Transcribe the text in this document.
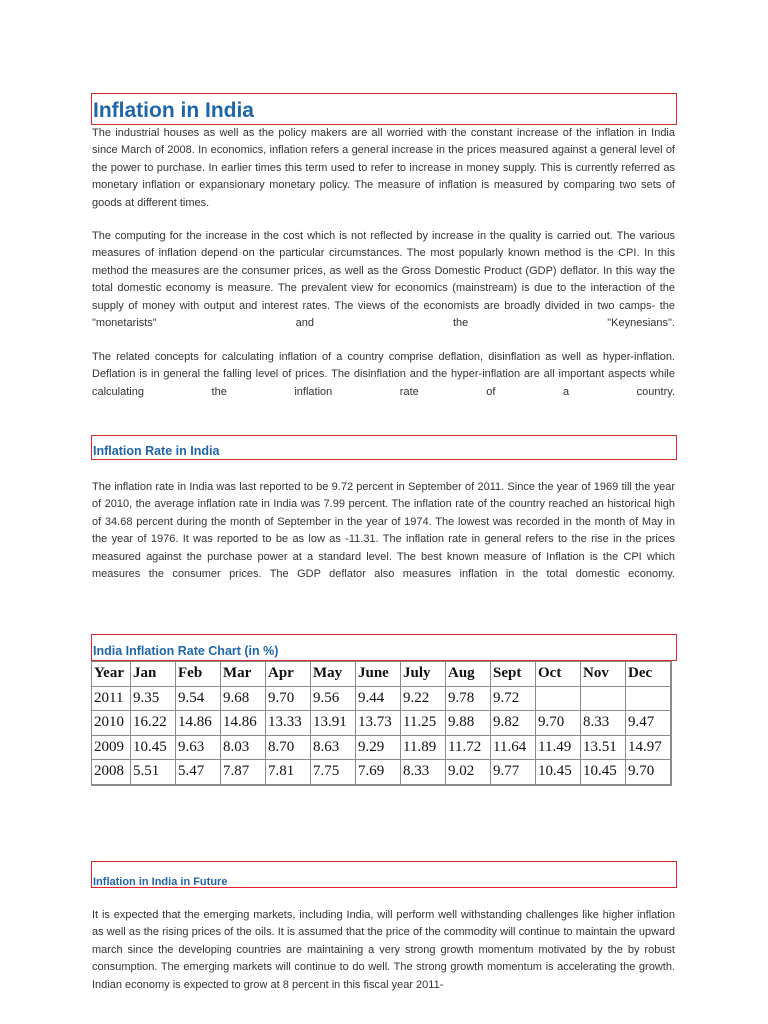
Inflation in India

The industrial houses as well as the policy makers are all worried with the constant increase of the inflation in India since March of 2008. In economics, inflation refers a general increase in the prices measured against a general level of the power to purchase. In earlier times this term used to refer to increase in money supply. This is currently referred as monetary inflation or expansionary monetary policy. The measure of inflation is measured by comparing two sets of goods at different times.

The computing for the increase in the cost which is not reflected by increase in the quality is carried out. The various measures of inflation depend on the particular circumstances. The most popularly known method is the CPI. In this method the measures are the consumer prices, as well as the Gross Domestic Product (GDP) deflator. In this way the total domestic economy is measure. The prevalent view for economics (mainstream) is due to the interaction of the supply of money with output and interest rates. The views of the economists are broadly divided in two camps- the "monetarists" and the "Keynesians".

The related concepts for calculating inflation of a country comprise deflation, disinflation as well as hyper-inflation. Deflation is in general the falling level of prices. The disinflation and the hyper-inflation are all important aspects while calculating the inflation rate of a country.

Inflation Rate in India

The inflation rate in India was last reported to be 9.72 percent in September of 2011. Since the year of 1969 till the year of 2010, the average inflation rate in India was 7.99 percent. The inflation rate of the country reached an historical high of 34.68 percent during the month of September in the year of 1974. The lowest was recorded in the month of May in the year of 1976. It was reported to be as low as -11.31. The inflation rate in general refers to the rise in the prices measured against the purchase power at a standard level. The best known measure of Inflation is the CPI which measures the consumer prices. The GDP deflator also measures inflation in the total domestic economy.

India Inflation Rate Chart (in %)
Year	Jan	Feb	Mar	Apr	May	June	July	Aug	Sept	Oct	Nov	Dec
2011	9.35	9.54	9.68	9.70	9.56	9.44	9.22	9.78	9.72			
2010	16.22	14.86	14.86	13.33	13.91	13.73	11.25	9.88	9.82	9.70	8.33	9.47
2009	10.45	9.63	8.03	8.70	8.63	9.29	11.89	11.72	11.64	11.49	13.51	14.97
2008	5.51	5.47	7.87	7.81	7.75	7.69	8.33	9.02	9.77	10.45	10.45	9.70
Inflation in India in Future

It is expected that the emerging markets, including India, will perform well withstanding challenges like higher inflation as well as the rising prices of the oils. It is assumed that the price of the commodity will continue to maintain the upward march since the developing countries are maintaining a very strong growth momentum motivated by the by robust consumption. The emerging markets will continue to do well. The strong growth momentum is accelerating the growth. Indian economy is expected to grow at 8 percent in this fiscal year 2011-
